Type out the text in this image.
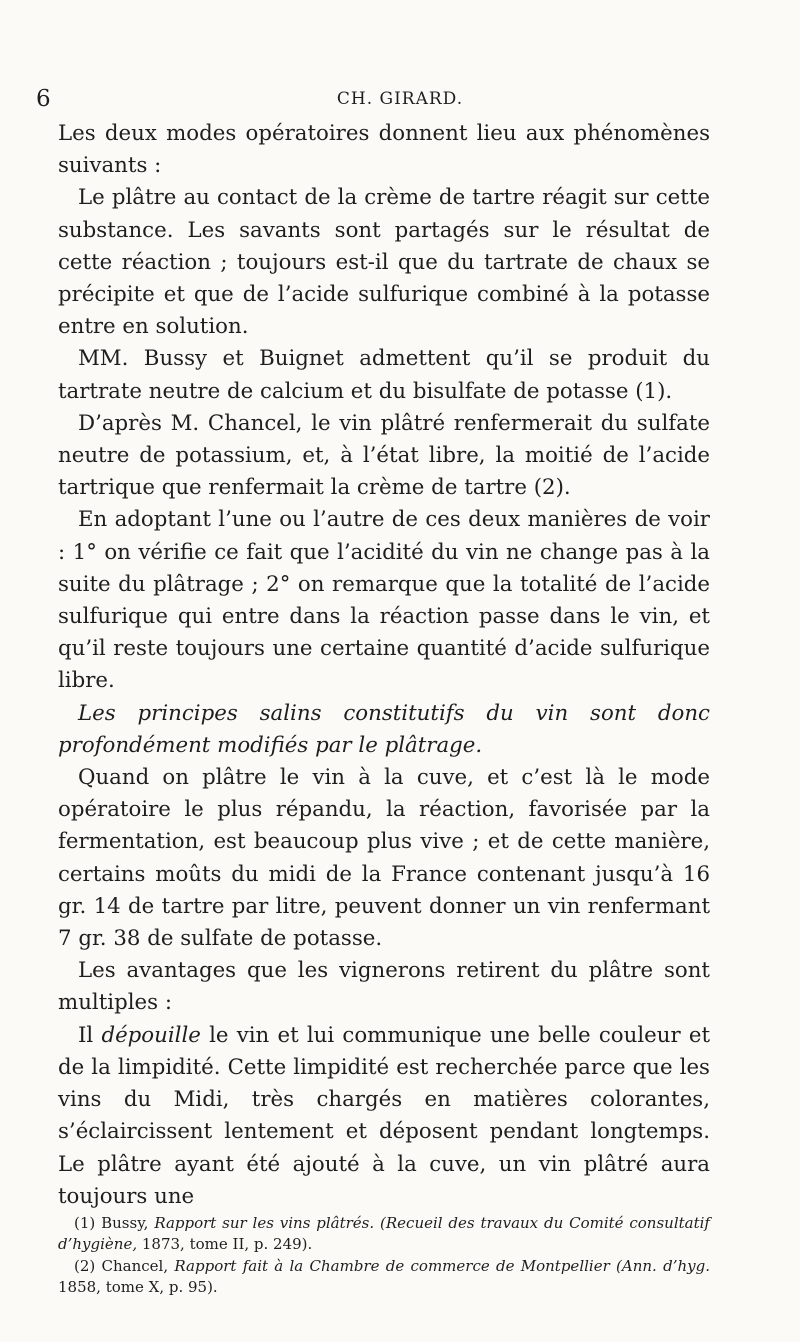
6	CH. GIRARD.

Les deux modes opératoires donnent lieu aux phénomènes suivants :

Le plâtre au contact de la crème de tartre réagit sur cette substance. Les savants sont partagés sur le résultat de cette réaction ; toujours est-il que du tartrate de chaux se précipite et que de l’acide sulfurique combiné à la potasse entre en solution.

MM. Bussy et Buignet admettent qu’il se produit du tartrate neutre de calcium et du bisulfate de potasse (1).

D’après M. Chancel, le vin plâtré renfermerait du sulfate neutre de potassium, et, à l’état libre, la moitié de l’acide tartrique que renfermait la crème de tartre (2).

En adoptant l’une ou l’autre de ces deux manières de voir : 1° on vérifie ce fait que l’acidité du vin ne change pas à la suite du plâtrage ; 2° on remarque que la totalité de l’acide sulfurique qui entre dans la réaction passe dans le vin, et qu’il reste toujours une certaine quantité d’acide sulfurique libre.

Les principes salins constitutifs du vin sont donc profondément modifiés par le plâtrage.

Quand on plâtre le vin à la cuve, et c’est là le mode opératoire le plus répandu, la réaction, favorisée par la fermentation, est beaucoup plus vive ; et de cette manière, certains moûts du midi de la France contenant jusqu’à 16 gr. 14 de tartre par litre, peuvent donner un vin renfermant 7 gr. 38 de sulfate de potasse.

Les avantages que les vignerons retirent du plâtre sont multiples :

Il dépouille le vin et lui communique une belle couleur et de la limpidité. Cette limpidité est recherchée parce que les vins du Midi, très chargés en matières colorantes, s’éclaircissent lentement et déposent pendant longtemps. Le plâtre ayant été ajouté à la cuve, un vin plâtré aura toujours une

(1) Bussy, Rapport sur les vins plâtrés. (Recueil des travaux du Comité consultatif d’hygiène, 1873, tome II, p. 249).

(2) Chancel, Rapport fait à la Chambre de commerce de Montpellier (Ann. d’hyg. 1858, tome X, p. 95).
